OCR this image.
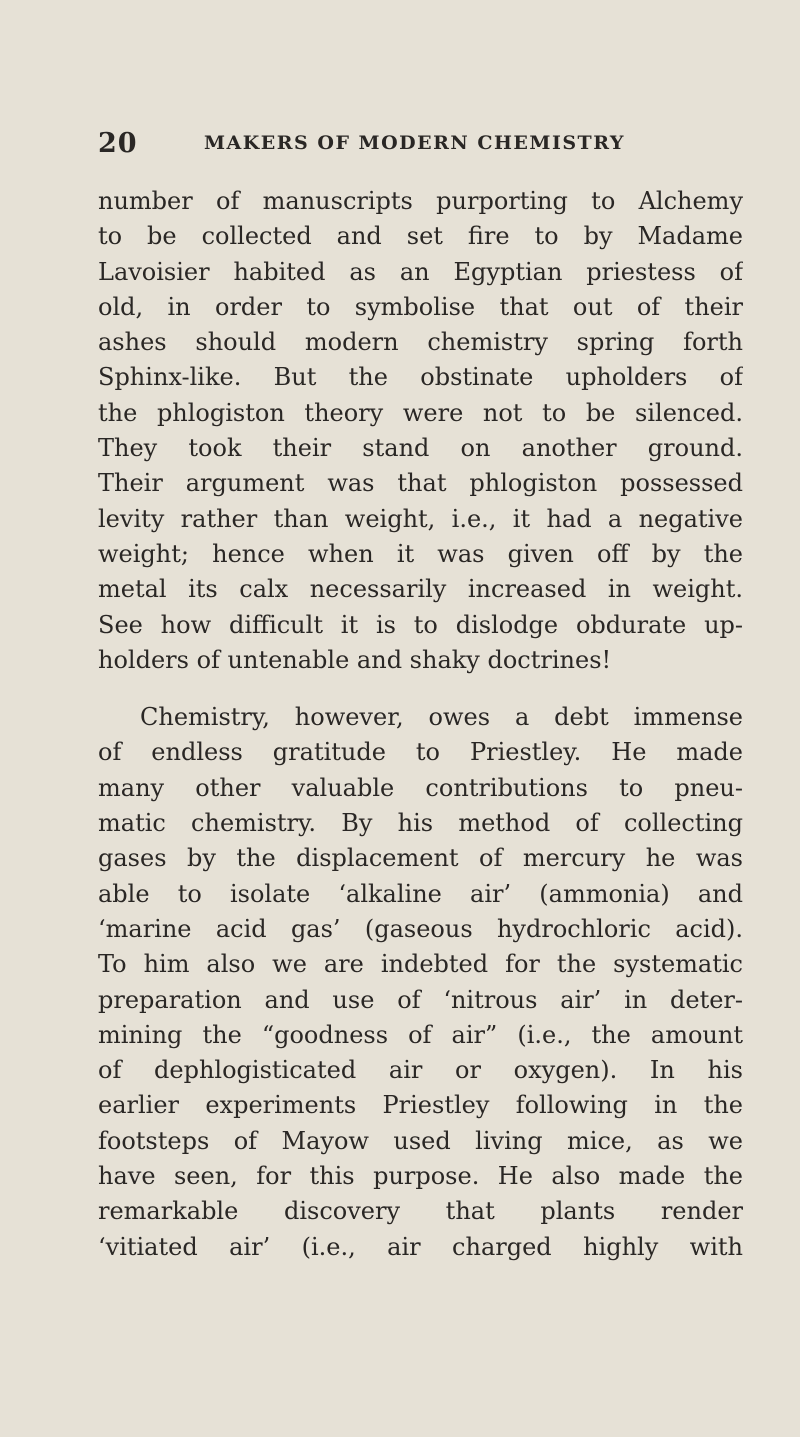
20	MAKERS OF MODERN CHEMISTRY
number of manuscripts purporting to Alchemy
to be collected and set fire to by Madame
Lavoisier habited as an Egyptian priestess of
old, in order to symbolise that out of their
ashes should modern chemistry spring forth
Sphinx-like. But the obstinate upholders of
the phlogiston theory were not to be silenced.
They took their stand on another ground.
Their argument was that phlogiston possessed
levity rather than weight, i.e., it had a negative
weight; hence when it was given off by the
metal its calx necessarily increased in weight.
See how difficult it is to dislodge obdurate up-
holders of untenable and shaky doctrines!
Chemistry, however, owes a debt immense
of endless gratitude to Priestley. He made
many other valuable contributions to pneu-
matic chemistry. By his method of collecting
gases by the displacement of mercury he was
able to isolate ‘alkaline air’ (ammonia) and
‘marine acid gas’ (gaseous hydrochloric acid).
To him also we are indebted for the systematic
preparation and use of ‘nitrous air’ in deter-
mining the “goodness of air” (i.e., the amount
of dephlogisticated air or oxygen). In his
earlier experiments Priestley following in the
footsteps of Mayow used living mice, as we
have seen, for this purpose. He also made the
remarkable discovery that plants render
‘vitiated air’ (i.e., air charged highly with
